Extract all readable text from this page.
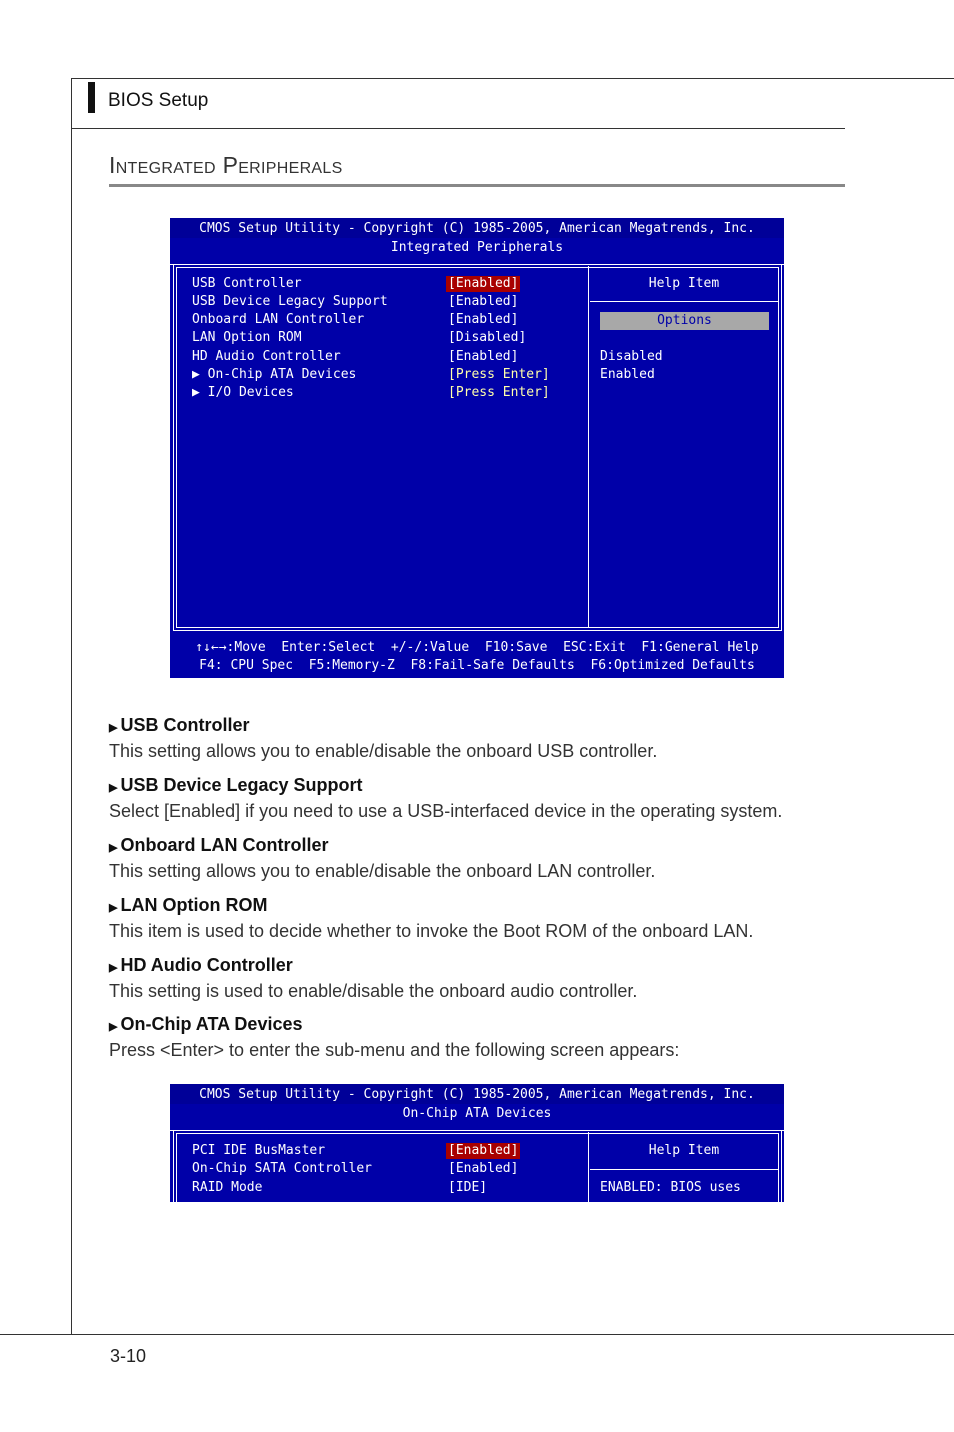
BIOS Setup
Integrated Peripherals
CMOS Setup Utility - Copyright (C) 1985-2005, American Megatrends, Inc.
Integrated Peripherals
USB Controller	[Enabled]
USB Device Legacy Support	[Enabled]
Onboard LAN Controller	[Enabled]
LAN Option ROM	[Disabled]
HD Audio Controller	[Enabled]
▶ On-Chip ATA Devices	[Press Enter]
▶ I/O Devices	[Press Enter]
Help Item
Options
Disabled
Enabled
↑↓←→:Move  Enter:Select  +/-/:Value  F10:Save  ESC:Exit  F1:General Help
F4: CPU Spec  F5:Memory-Z  F8:Fail-Safe Defaults  F6:Optimized Defaults
▶ USB Controller
This setting allows you to enable/disable the onboard USB controller.
▶ USB Device Legacy Support
Select [Enabled] if you need to use a USB-interfaced device in the operating system.
▶ Onboard LAN Controller
This setting allows you to enable/disable the onboard LAN controller.
▶ LAN Option ROM
This item is used to decide whether to invoke the Boot ROM of the onboard LAN.
▶ HD Audio Controller
This setting is used to enable/disable the onboard audio controller.
▶ On-Chip ATA Devices
Press <Enter> to enter the sub-menu and the following screen appears:
CMOS Setup Utility - Copyright (C) 1985-2005, American Megatrends, Inc.
On-Chip ATA Devices
PCI IDE BusMaster	[Enabled]
On-Chip SATA Controller	[Enabled]
RAID Mode	[IDE]
Help Item
ENABLED: BIOS uses
3-10
